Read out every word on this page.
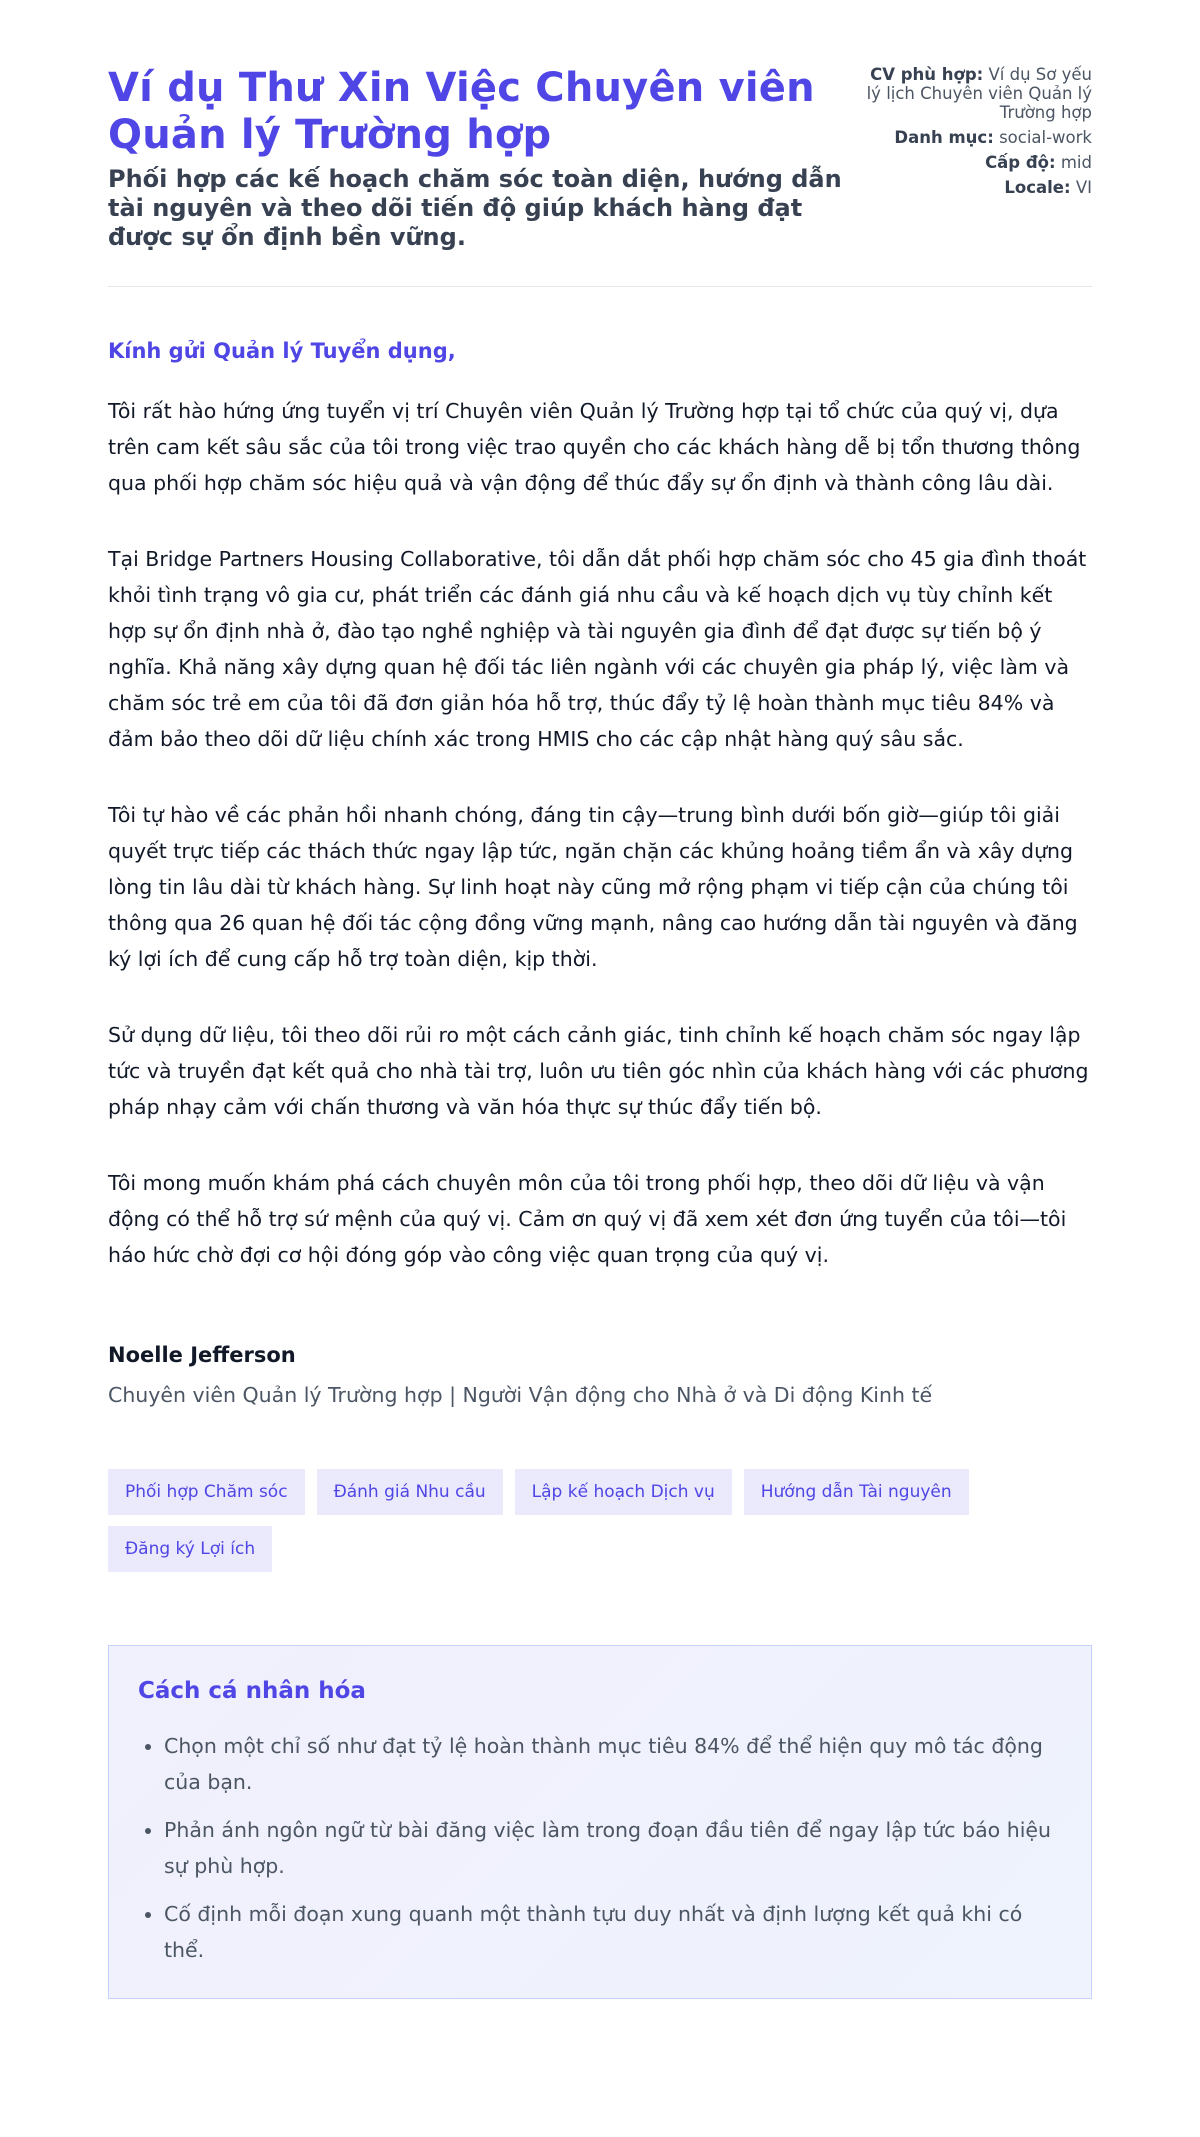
Ví dụ Thư Xin Việc Chuyên viên Quản lý Trường hợp

Phối hợp các kế hoạch chăm sóc toàn diện, hướng dẫn tài nguyên và theo dõi tiến độ giúp khách hàng đạt được sự ổn định bền vững.

CV phù hợp: Ví dụ Sơ yếu lý lịch Chuyên viên Quản lý Trường hợp
Danh mục: social-work
Cấp độ: mid
Locale: VI

Kính gửi Quản lý Tuyển dụng,

Tôi rất hào hứng ứng tuyển vị trí Chuyên viên Quản lý Trường hợp tại tổ chức của quý vị, dựa trên cam kết sâu sắc của tôi trong việc trao quyền cho các khách hàng dễ bị tổn thương thông qua phối hợp chăm sóc hiệu quả và vận động để thúc đẩy sự ổn định và thành công lâu dài.

Tại Bridge Partners Housing Collaborative, tôi dẫn dắt phối hợp chăm sóc cho 45 gia đình thoát khỏi tình trạng vô gia cư, phát triển các đánh giá nhu cầu và kế hoạch dịch vụ tùy chỉnh kết hợp sự ổn định nhà ở, đào tạo nghề nghiệp và tài nguyên gia đình để đạt được sự tiến bộ ý nghĩa. Khả năng xây dựng quan hệ đối tác liên ngành với các chuyên gia pháp lý, việc làm và chăm sóc trẻ em của tôi đã đơn giản hóa hỗ trợ, thúc đẩy tỷ lệ hoàn thành mục tiêu 84% và đảm bảo theo dõi dữ liệu chính xác trong HMIS cho các cập nhật hàng quý sâu sắc.

Tôi tự hào về các phản hồi nhanh chóng, đáng tin cậy—trung bình dưới bốn giờ—giúp tôi giải quyết trực tiếp các thách thức ngay lập tức, ngăn chặn các khủng hoảng tiềm ẩn và xây dựng lòng tin lâu dài từ khách hàng. Sự linh hoạt này cũng mở rộng phạm vi tiếp cận của chúng tôi thông qua 26 quan hệ đối tác cộng đồng vững mạnh, nâng cao hướng dẫn tài nguyên và đăng ký lợi ích để cung cấp hỗ trợ toàn diện, kịp thời.

Sử dụng dữ liệu, tôi theo dõi rủi ro một cách cảnh giác, tinh chỉnh kế hoạch chăm sóc ngay lập tức và truyền đạt kết quả cho nhà tài trợ, luôn ưu tiên góc nhìn của khách hàng với các phương pháp nhạy cảm với chấn thương và văn hóa thực sự thúc đẩy tiến bộ.

Tôi mong muốn khám phá cách chuyên môn của tôi trong phối hợp, theo dõi dữ liệu và vận động có thể hỗ trợ sứ mệnh của quý vị. Cảm ơn quý vị đã xem xét đơn ứng tuyển của tôi—tôi háo hức chờ đợi cơ hội đóng góp vào công việc quan trọng của quý vị.

Noelle Jefferson
Chuyên viên Quản lý Trường hợp | Người Vận động cho Nhà ở và Di động Kinh tế
Phối hợp Chăm sóc	Đánh giá Nhu cầu	Lập kế hoạch Dịch vụ	Hướng dẫn Tài nguyên
Đăng ký Lợi ích
Cách cá nhân hóa
• Chọn một chỉ số như đạt tỷ lệ hoàn thành mục tiêu 84% để thể hiện quy mô tác động của bạn.
• Phản ánh ngôn ngữ từ bài đăng việc làm trong đoạn đầu tiên để ngay lập tức báo hiệu sự phù hợp.
• Cố định mỗi đoạn xung quanh một thành tựu duy nhất và định lượng kết quả khi có thể.
